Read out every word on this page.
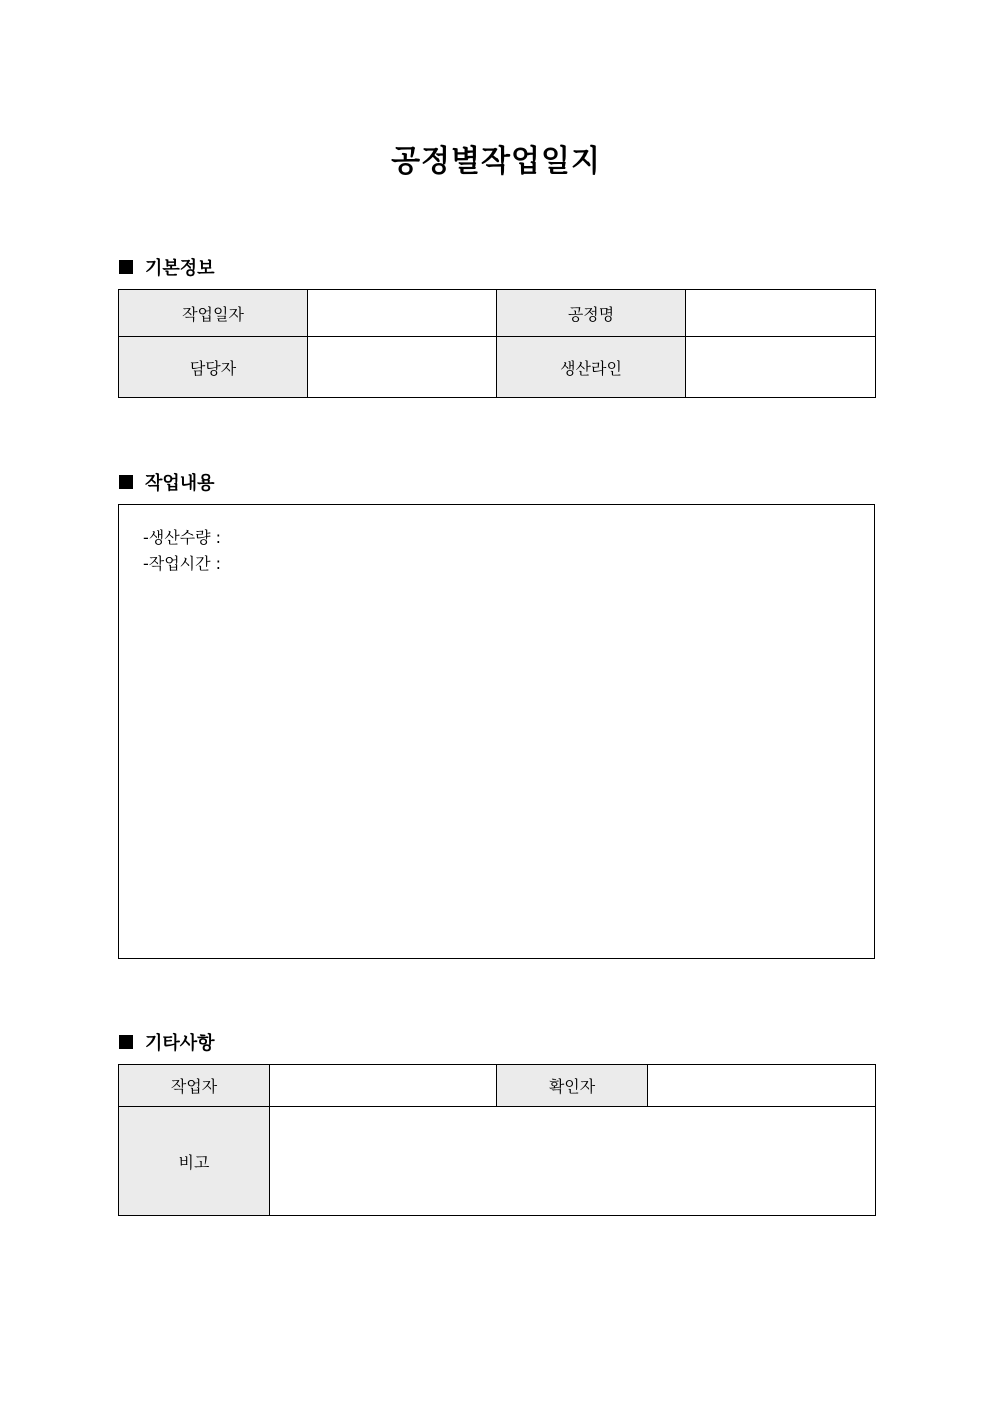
공정별작업일지
기본정보
작업일자		공정명	
담당자		생산라인	
작업내용
-생산수량 :
-작업시간 :
기타사항
작업자		확인자	
비고			
